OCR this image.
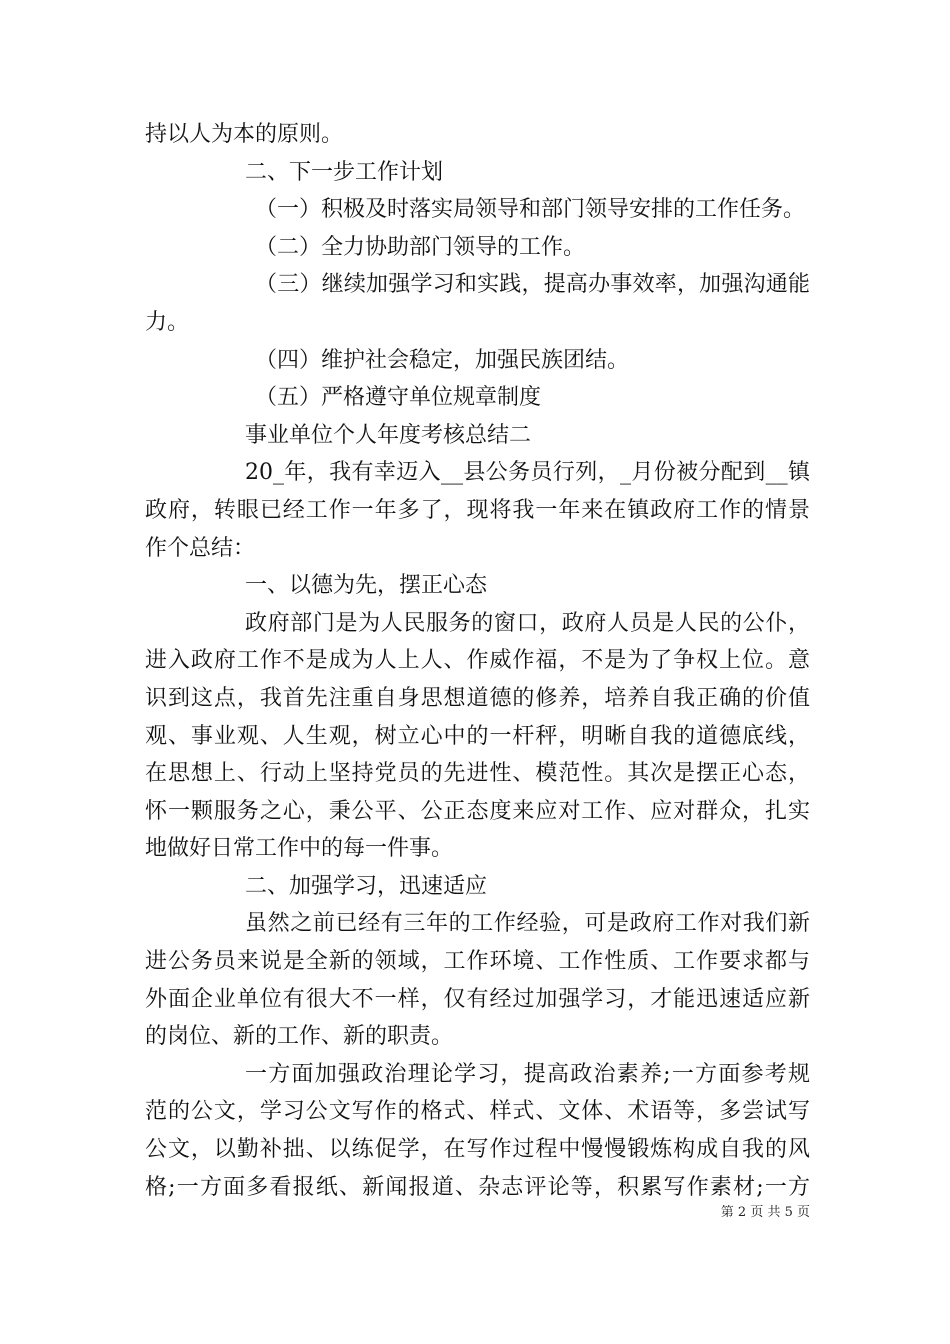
持以人为本的原则。
二、下一步工作计划
（一）积极及时落实局领导和部门领导安排的工作任务。
（二）全力协助部门领导的工作。
（三）继续加强学习和实践，提高办事效率，加强沟通能
力。
（四）维护社会稳定，加强民族团结。
（五）严格遵守单位规章制度
事业单位个人年度考核总结二
20_年，我有幸迈入__县公务员行列，_月份被分配到__镇
政府，转眼已经工作一年多了，现将我一年来在镇政府工作的情景
作个总结：
一、以德为先，摆正心态
政府部门是为人民服务的窗口，政府人员是人民的公仆，
进入政府工作不是成为人上人、作威作福，不是为了争权上位。意
识到这点，我首先注重自身思想道德的修养，培养自我正确的价值
观、事业观、人生观，树立心中的一杆秤，明晰自我的道德底线，
在思想上、行动上坚持党员的先进性、模范性。其次是摆正心态，
怀一颗服务之心，秉公平、公正态度来应对工作、应对群众，扎实
地做好日常工作中的每一件事。
二、加强学习，迅速适应
虽然之前已经有三年的工作经验，可是政府工作对我们新
进公务员来说是全新的领域，工作环境、工作性质、工作要求都与
外面企业单位有很大不一样，仅有经过加强学习，才能迅速适应新
的岗位、新的工作、新的职责。
一方面加强政治理论学习，提高政治素养;一方面参考规
范的公文，学习公文写作的格式、样式、文体、术语等，多尝试写
公文，以勤补拙、以练促学，在写作过程中慢慢锻炼构成自我的风
格;一方面多看报纸、新闻报道、杂志评论等，积累写作素材;一方
第 2 页 共 5 页
